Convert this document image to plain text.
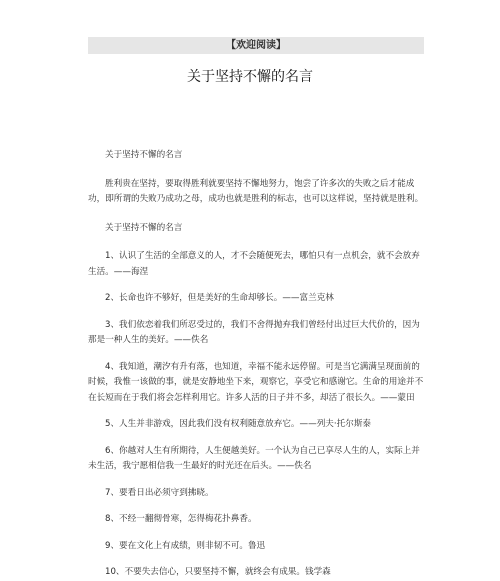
【欢迎阅读】
关于坚持不懈的名言

关于坚持不懈的名言

胜利贵在坚持，要取得胜利就要坚持不懈地努力，饱尝了许多次的失败之后才能成功，即所谓的失败乃成功之母，成功也就是胜利的标志，也可以这样说，坚持就是胜利。

关于坚持不懈的名言

1、认识了生活的全部意义的人，才不会随便死去，哪怕只有一点机会，就不会放弃生活。——海涅

2、长命也许不够好，但是美好的生命却够长。——富兰克林

3、我们依恋着我们所忍受过的，我们不舍得抛弃我们曾经付出过巨大代价的，因为那是一种人生的美好。——佚名

4、我知道，潮汐有升有落，也知道，幸福不能永远停留。可是当它满满呈现面前的时候，我惟一该做的事，就是安静地坐下来，观察它，享受它和感谢它。生命的用途并不在长短而在于我们将会怎样利用它。许多人活的日子并不多，却活了很长久。——蒙田

5、人生并非游戏，因此我们没有权利随意放弃它。——列夫·托尔斯泰

6、你越对人生有所期待，人生便越美好。一个认为自己已享尽人生的人，实际上并未生活，我宁愿相信我一生最好的时光还在后头。——佚名

7、要看日出必须守到拂晓。

8、不经一翻彻骨寒，怎得梅花扑鼻香。

9、要在文化上有成绩，则非韧不可。鲁迅

10、不要失去信心，只要坚持不懈，就终会有成果。钱学森
